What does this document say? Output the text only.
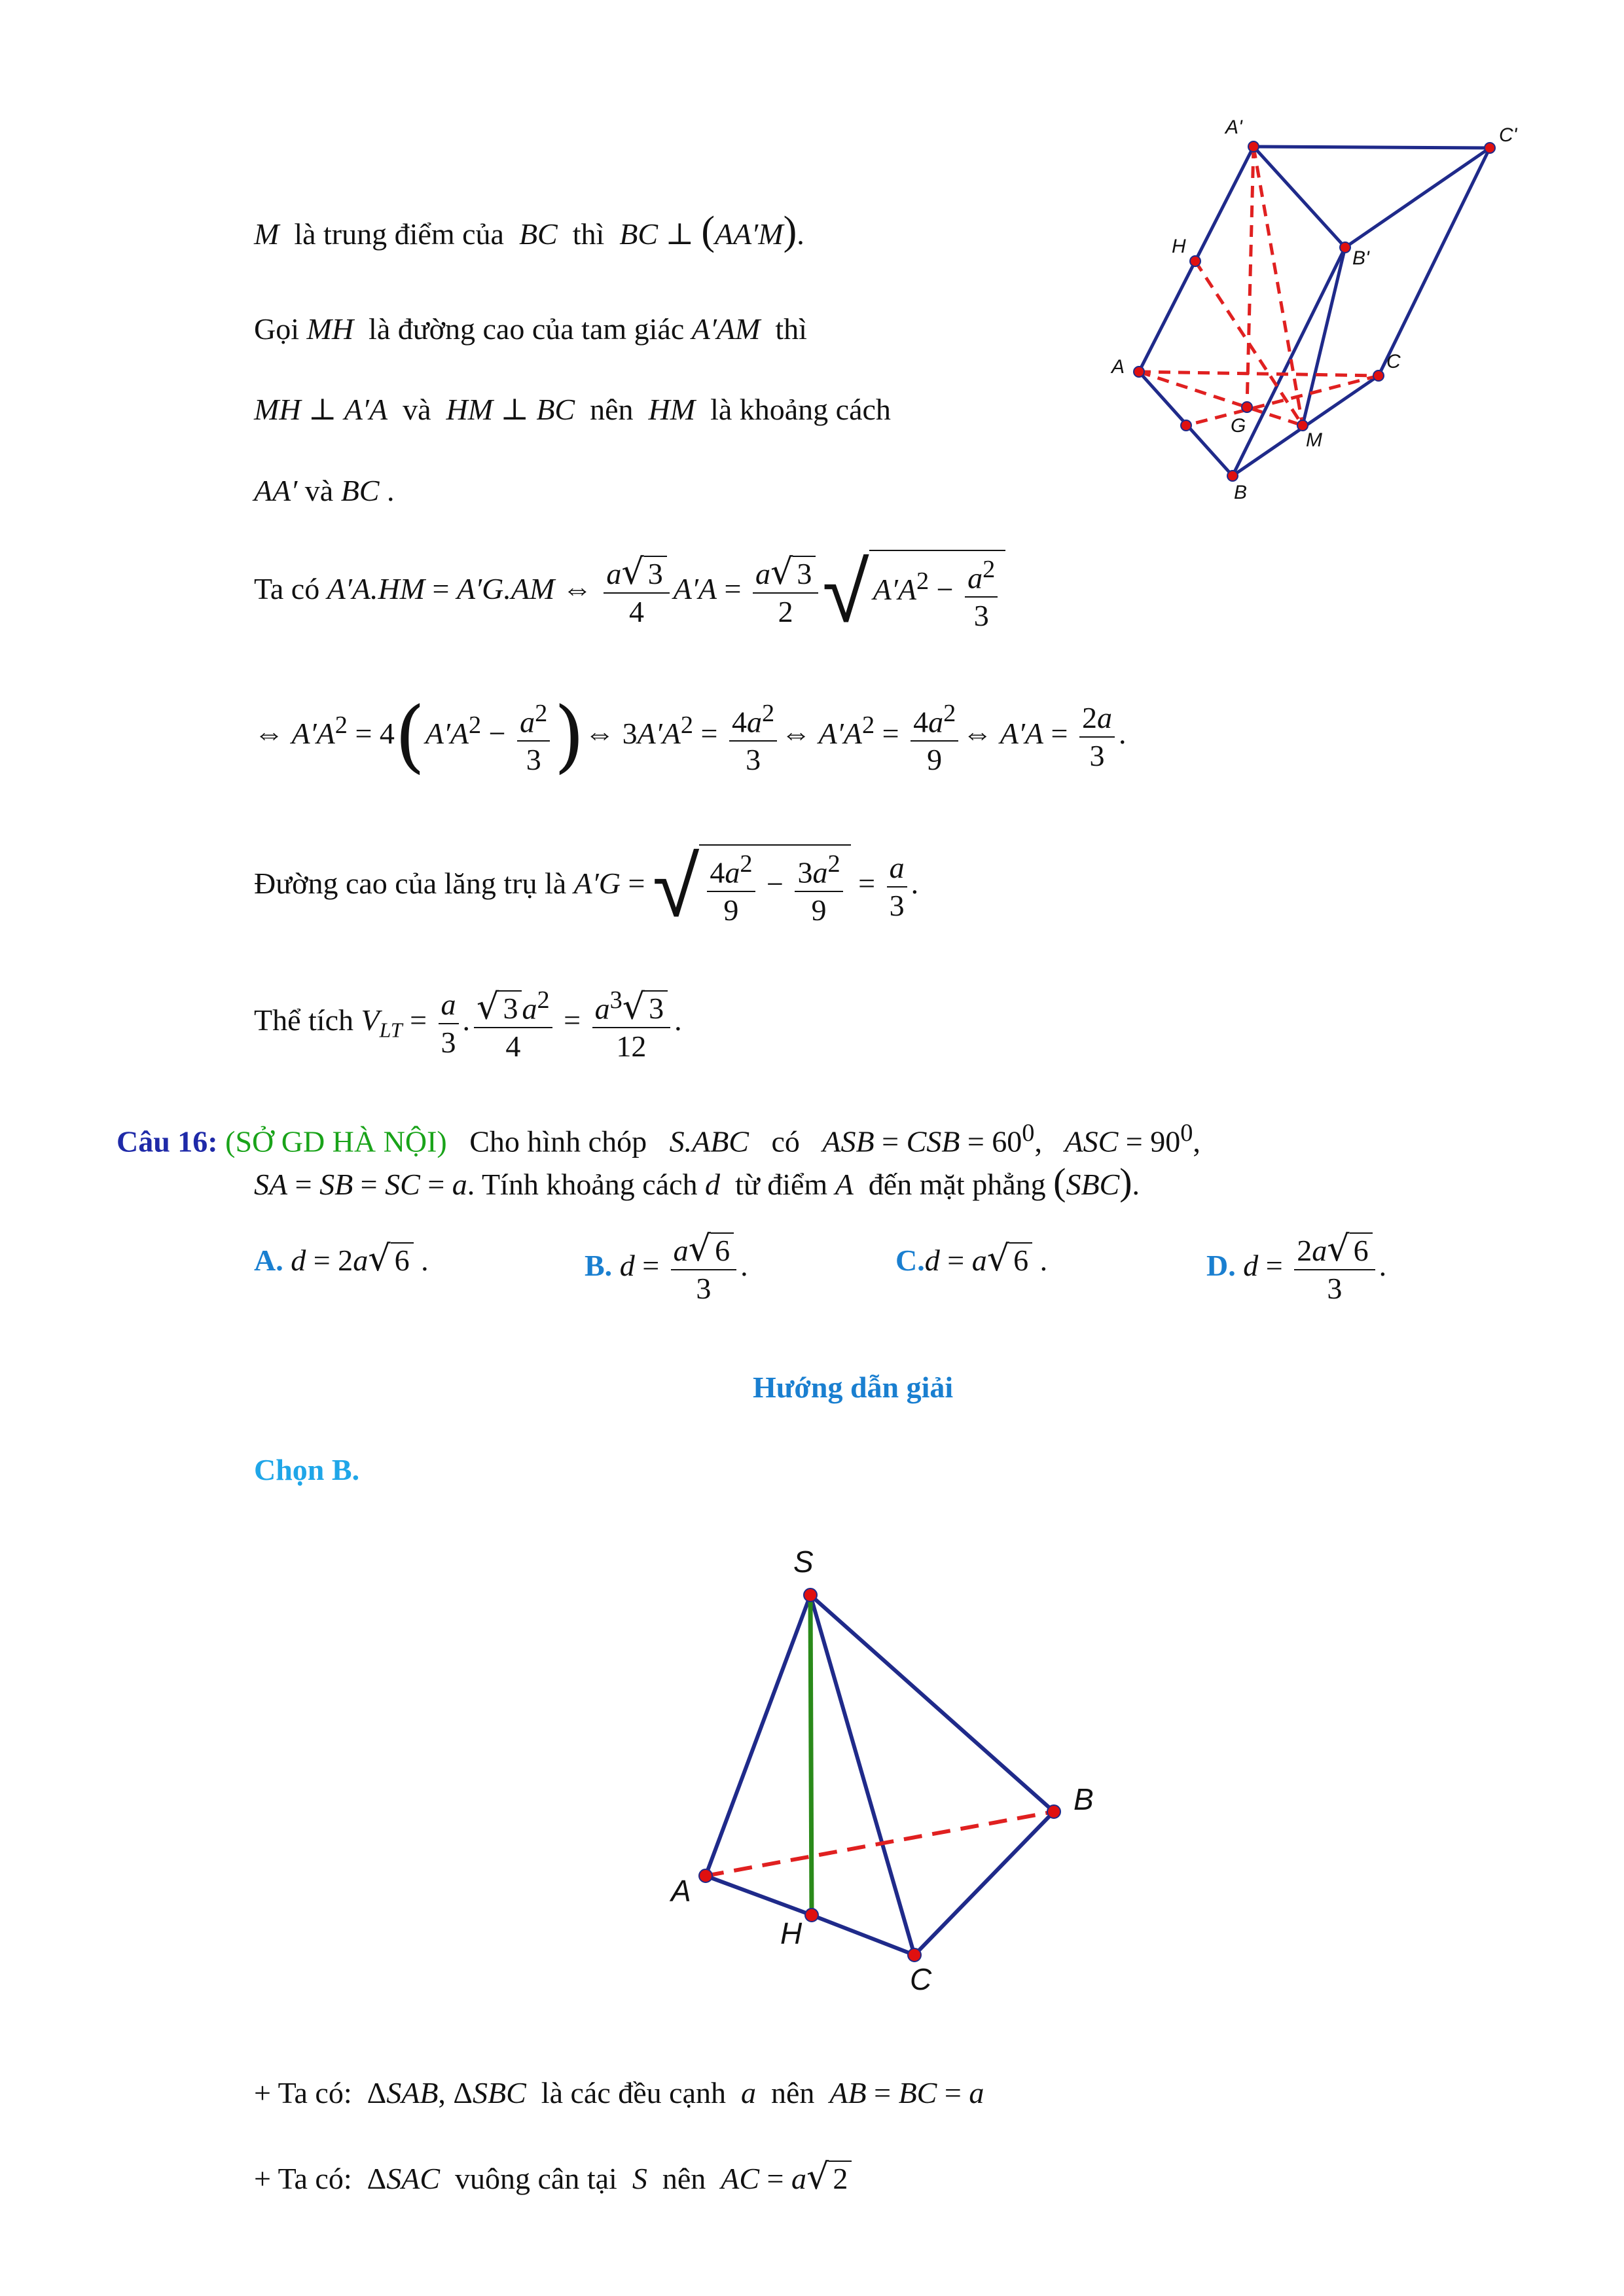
M là trung điểm của BC thì BC ⊥ (AA′M).
Gọi MH là đường cao của tam giác A′AM thì
MH ⊥ A′A và HM ⊥ BC nên HM là khoảng cách
AA′ và BC .
Ta có A′A.HM = A′G.AM ⇔ $\frac{a√ 3}{4} A'A = \frac{a√ 3}{2}$ √ $A'A^2 - \frac{a^2}{3}$
⇔ $A'A^2 = 4(A'A^2 - \frac{a^2}{3}$ )⇔ $3A'A^2 = \frac{4a^2}{3}$ ⇔ $A'A^2 = \frac{4a^2}{9}$ ⇔ $A'A = \frac{2a}{3}$ .
Đường cao của lăng trụ là A′G = √ $\frac{4a^2}{9} - \frac{3a^2}{9} = \frac{a}{3}$ .
Thể tích $V_{LT} = \frac{a}{3}$ . $\frac{√ 3 a^2}{4} = \frac{a^3√ 3}{12}$ .
Câu 16: (SỞ GD HÀ NỘI) Cho hình chóp S.ABC có ASB = CSB = $60^0$,   ASC = $90^0$,
SA = SB = SC = a. Tính khoảng cách d từ điểm A đến mặt phẳng (SBC).
A. d = 2a√ 6 .	B. $d = \frac{a√ 6}{3}$ .	C.d = a√ 6 .	D. $d = \frac{2a√ 6}{3}$ .
Hướng dẫn giải
Chọn B.
+ Ta có:  ΔSAB, ΔSBC là các đều cạnh a nên AB = BC = a
+ Ta có:  ΔSAC vuông cân tại S nên AC = a√ 2
A'	C'
H
B'
A	C
G
M
B
S
B
A
H
C
